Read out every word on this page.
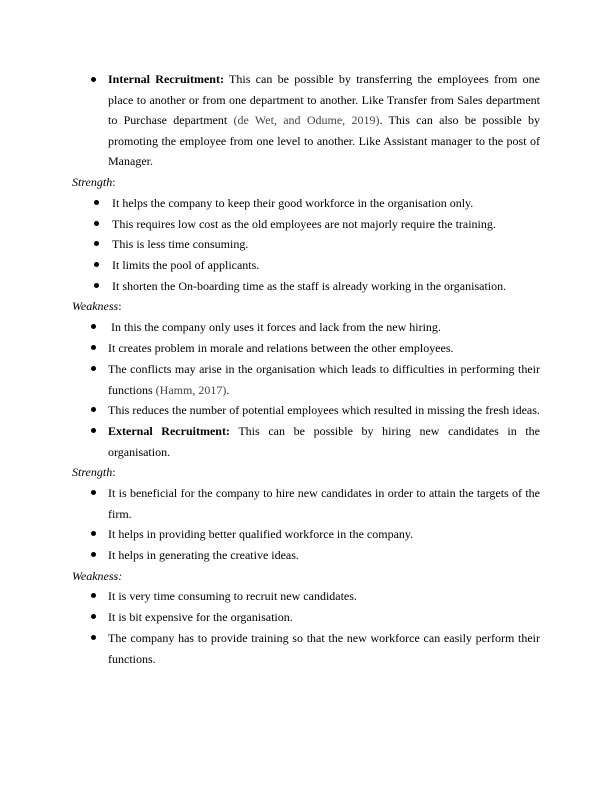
Internal Recruitment: This can be possible by transferring the employees from one place to another or from one department to another. Like Transfer from Sales department to Purchase department (de Wet, and Odume, 2019). This can also be possible by promoting the employee from one level to another. Like Assistant manager to the post of Manager.
Strength:
It helps the company to keep their good workforce in the organisation only.
This requires low cost as the old employees are not majorly require the training.
This is less time consuming.
It limits the pool of applicants.
It shorten the On-boarding time as the staff is already working in the organisation.
Weakness:
In this the company only uses it forces and lack from the new hiring.
It creates problem in morale and relations between the other employees.
The conflicts may arise in the organisation which leads to difficulties in performing their functions (Hamm, 2017).
This reduces the number of potential employees which resulted in missing the fresh ideas.
External Recruitment: This can be possible by hiring new candidates in the organisation.
Strength:
It is beneficial for the company to hire new candidates in order to attain the targets of the firm.
It helps in providing better qualified workforce in the company.
It helps in generating the creative ideas.
Weakness:
It is very time consuming to recruit new candidates.
It is bit expensive for the organisation.
The company has to provide training so that the new workforce can easily perform their functions.
